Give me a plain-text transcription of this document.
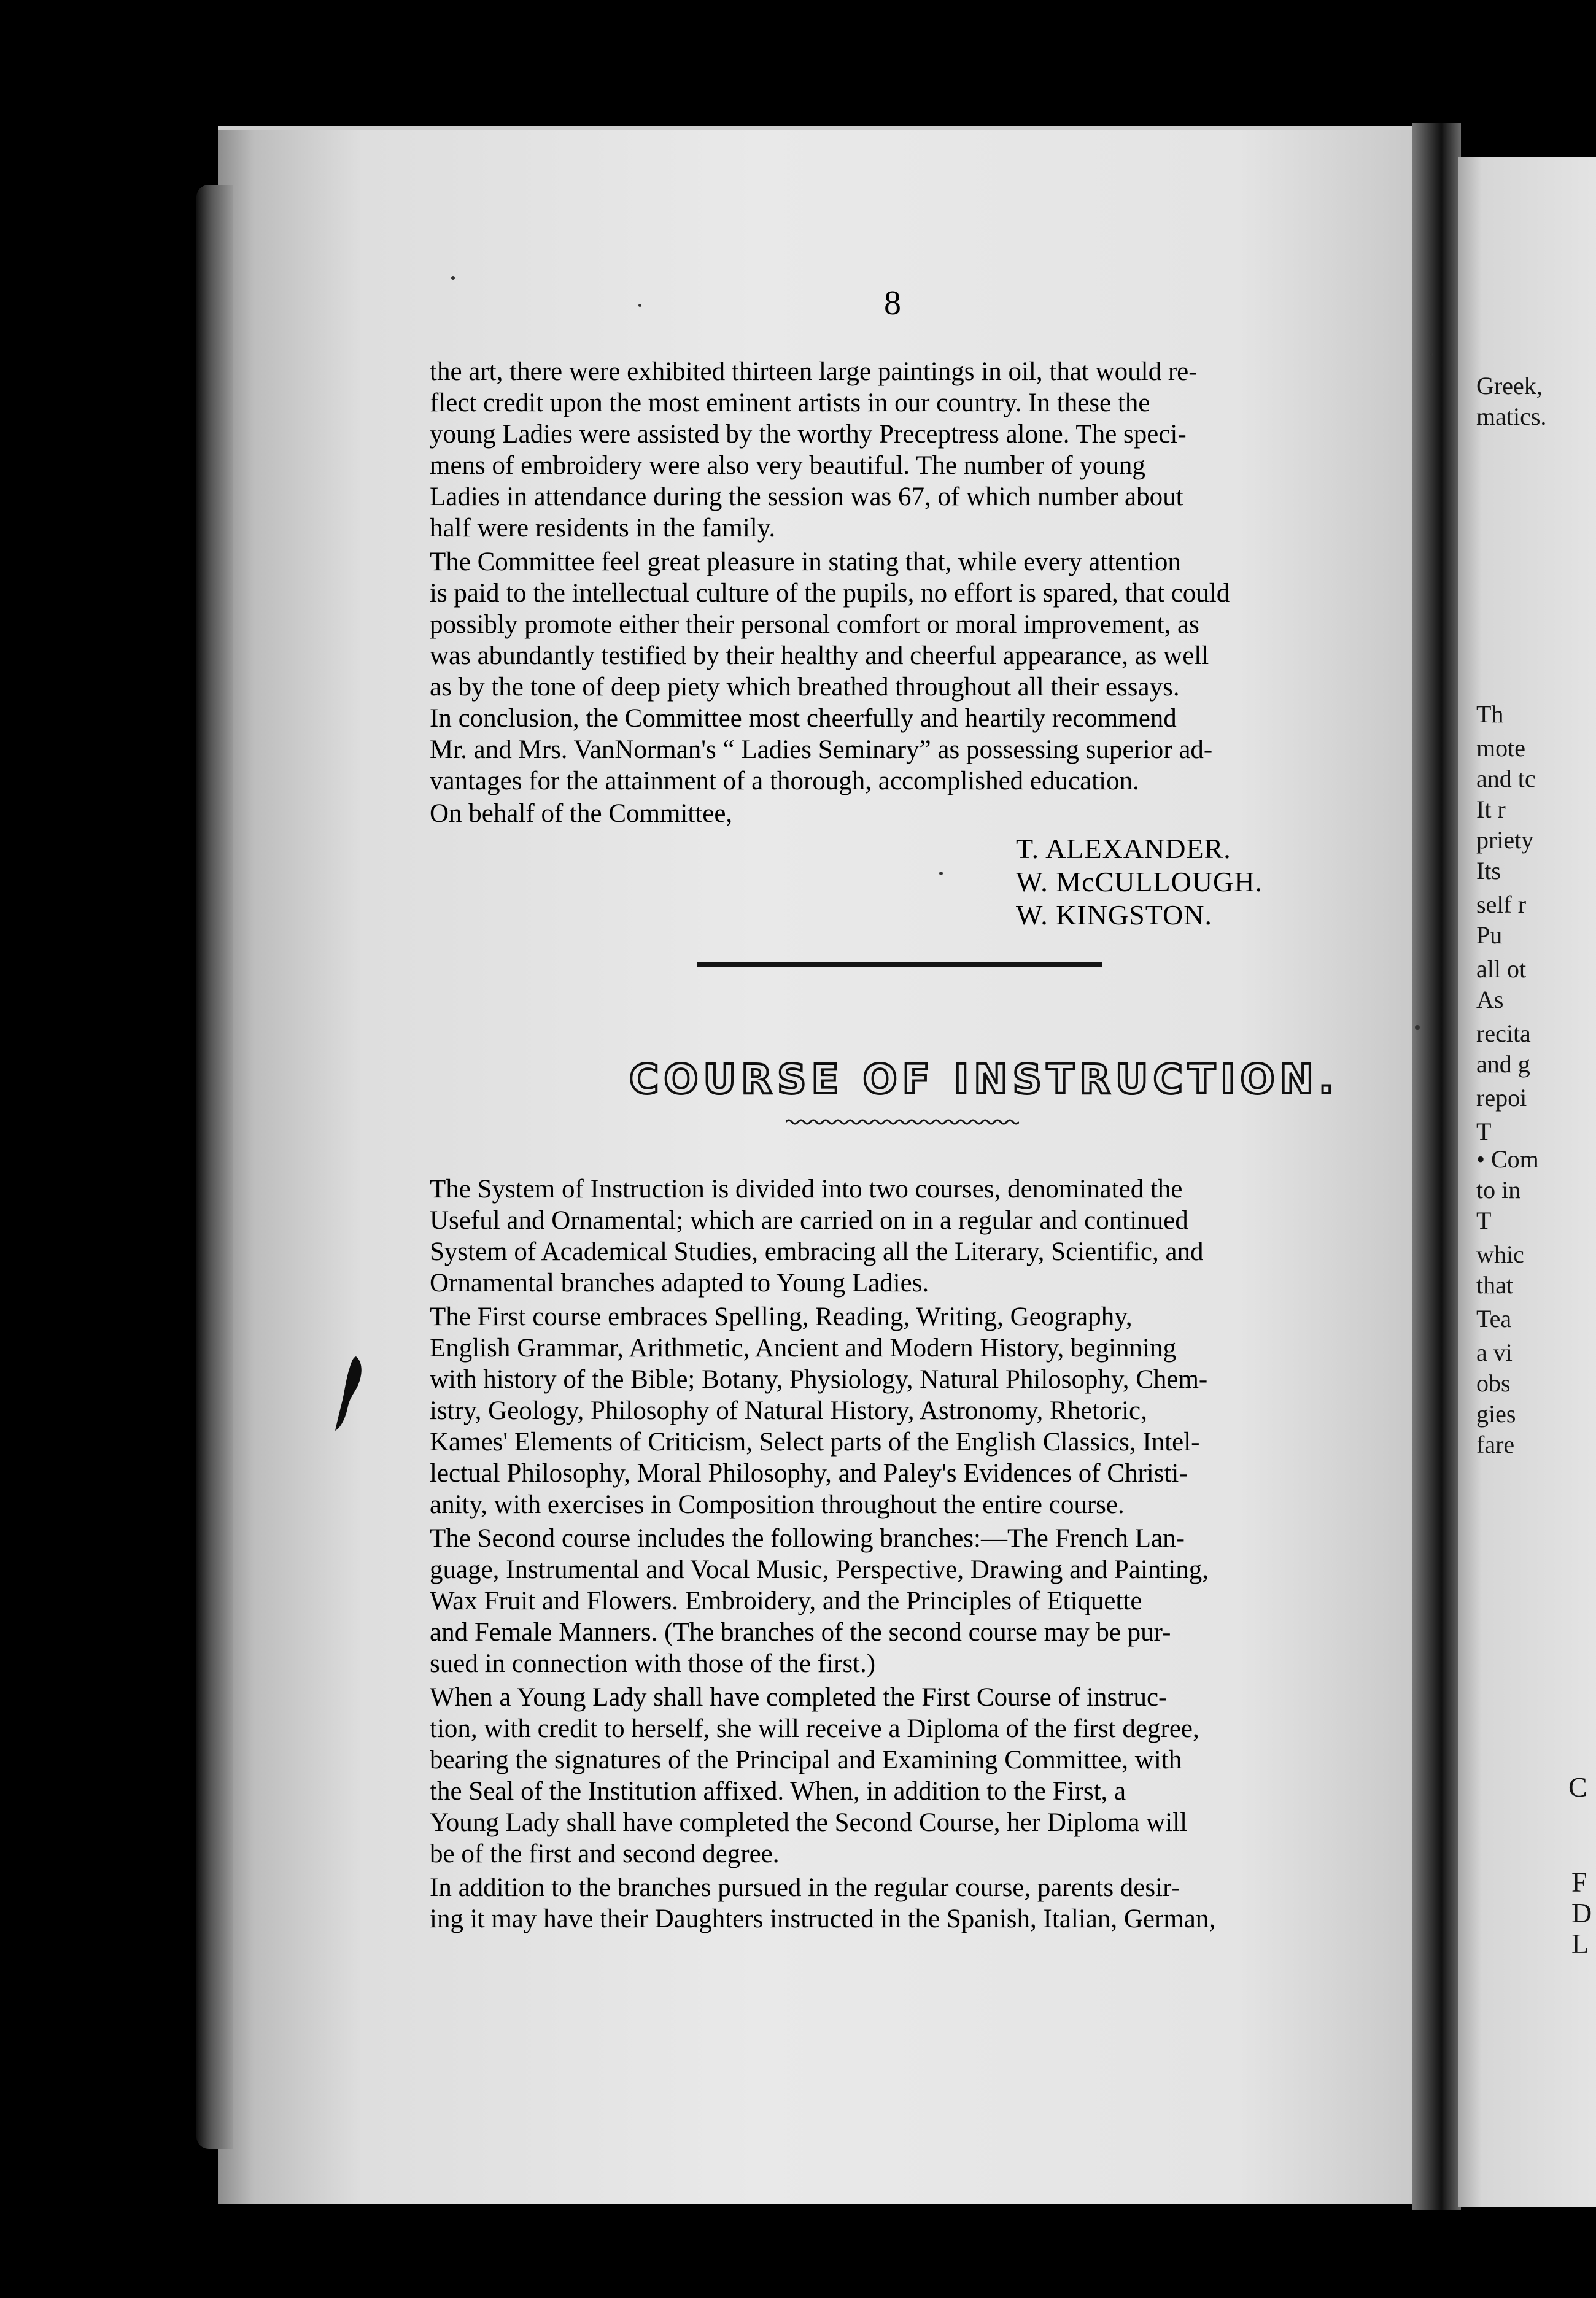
8
the art, there were exhibited thirteen large paintings in oil, that would re-
flect credit upon the most eminent artists in our country. In these the
young Ladies were assisted by the worthy Preceptress alone. The speci-
mens of embroidery were also very beautiful. The number of young
Ladies in attendance during the session was 67, of which number about
half were residents in the family.
The Committee feel great pleasure in stating that, while every attention
is paid to the intellectual culture of the pupils, no effort is spared, that could
possibly promote either their personal comfort or moral improvement, as
was abundantly testified by their healthy and cheerful appearance, as well
as by the tone of deep piety which breathed throughout all their essays.
In conclusion, the Committee most cheerfully and heartily recommend
Mr. and Mrs. VanNorman's “ Ladies Seminary” as possessing superior ad-
vantages for the attainment of a thorough, accomplished education.
On behalf of the Committee,
T. ALEXANDER.
W. McCULLOUGH.
W. KINGSTON.
COURSE OF INSTRUCTION.
The System of Instruction is divided into two courses, denominated the
Useful and Ornamental; which are carried on in a regular and continued
System of Academical Studies, embracing all the Literary, Scientific, and
Ornamental branches adapted to Young Ladies.
The First course embraces Spelling, Reading, Writing, Geography,
English Grammar, Arithmetic, Ancient and Modern History, beginning
with history of the Bible; Botany, Physiology, Natural Philosophy, Chem-
istry, Geology, Philosophy of Natural History, Astronomy, Rhetoric,
Kames' Elements of Criticism, Select parts of the English Classics, Intel-
lectual Philosophy, Moral Philosophy, and Paley's Evidences of Christi-
anity, with exercises in Composition throughout the entire course.
The Second course includes the following branches:—The French Lan-
guage, Instrumental and Vocal Music, Perspective, Drawing and Painting,
Wax Fruit and Flowers. Embroidery, and the Principles of Etiquette
and Female Manners. (The branches of the second course may be pur-
sued in connection with those of the first.)
When a Young Lady shall have completed the First Course of instruc-
tion, with credit to herself, she will receive a Diploma of the first degree,
bearing the signatures of the Principal and Examining Committee, with
the Seal of the Institution affixed. When, in addition to the First, a
Young Lady shall have completed the Second Course, her Diploma will
be of the first and second degree.
In addition to the branches pursued in the regular course, parents desir-
ing it may have their Daughters instructed in the Spanish, Italian, German,
Greek,
matics.
Th
mote
and tc
It r
priety
Its
self r
Pu
all ot
As
recita
and g
repoi
T
• Com
to in
T
whic
that
Tea
a vi
obs
gies
fare
C
F
D
L
